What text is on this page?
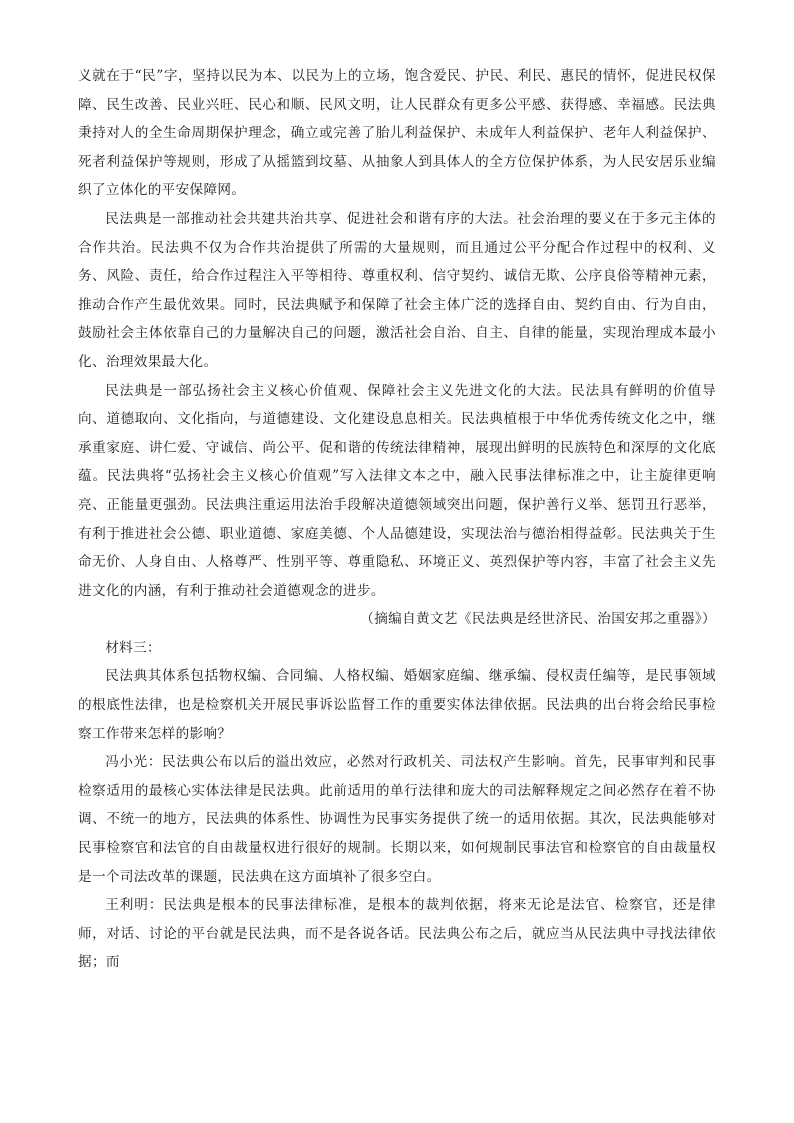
义就在于“民”字，坚持以民为本、以民为上的立场，饱含爱民、护民、利民、惠民的情怀，促进民权保障、民生改善、民业兴旺、民心和顺、民风文明，让人民群众有更多公平感、获得感、幸福感。民法典秉持对人的全生命周期保护理念，确立或完善了胎儿利益保护、未成年人利益保护、老年人利益保护、死者利益保护等规则，形成了从摇篮到坟墓、从抽象人到具体人的全方位保护体系，为人民安居乐业编织了立体化的平安保障网。

民法典是一部推动社会共建共治共享、促进社会和谐有序的大法。社会治理的要义在于多元主体的合作共治。民法典不仅为合作共治提供了所需的大量规则，而且通过公平分配合作过程中的权利、义务、风险、责任，给合作过程注入平等相待、尊重权利、信守契约、诚信无欺、公序良俗等精神元素，推动合作产生最优效果。同时，民法典赋予和保障了社会主体广泛的选择自由、契约自由、行为自由，鼓励社会主体依靠自己的力量解决自己的问题，激活社会自治、自主、自律的能量，实现治理成本最小化、治理效果最大化。

民法典是一部弘扬社会主义核心价值观、保障社会主义先进文化的大法。民法具有鲜明的价值导向、道德取向、文化指向，与道德建设、文化建设息息相关。民法典植根于中华优秀传统文化之中，继承重家庭、讲仁爱、守诚信、尚公平、促和谐的传统法律精神，展现出鲜明的民族特色和深厚的文化底蕴。民法典将“弘扬社会主义核心价值观”写入法律文本之中，融入民事法律标准之中，让主旋律更响亮、正能量更强劲。民法典注重运用法治手段解决道德领域突出问题，保护善行义举、惩罚丑行恶举，有利于推进社会公德、职业道德、家庭美德、个人品德建设，实现法治与德治相得益彰。民法典关于生命无价、人身自由、人格尊严、性别平等、尊重隐私、环境正义、英烈保护等内容，丰富了社会主义先进文化的内涵，有利于推动社会道德观念的进步。

（摘编自黄文艺《民法典是经世济民、治国安邦之重器》）

材料三：

民法典其体系包括物权编、合同编、人格权编、婚姻家庭编、继承编、侵权责任编等，是民事领域的根底性法律，也是检察机关开展民事诉讼监督工作的重要实体法律依据。民法典的出台将会给民事检察工作带来怎样的影响？

冯小光：民法典公布以后的溢出效应，必然对行政机关、司法权产生影响。首先，民事审判和民事检察适用的最核心实体法律是民法典。此前适用的单行法律和庞大的司法解释规定之间必然存在着不协调、不统一的地方，民法典的体系性、协调性为民事实务提供了统一的适用依据。其次，民法典能够对民事检察官和法官的自由裁量权进行很好的规制。长期以来，如何规制民事法官和检察官的自由裁量权是一个司法改革的课题，民法典在这方面填补了很多空白。

王利明：民法典是根本的民事法律标准，是根本的裁判依据，将来无论是法官、检察官，还是律师，对话、讨论的平台就是民法典，而不是各说各话。民法典公布之后，就应当从民法典中寻找法律依据；而
